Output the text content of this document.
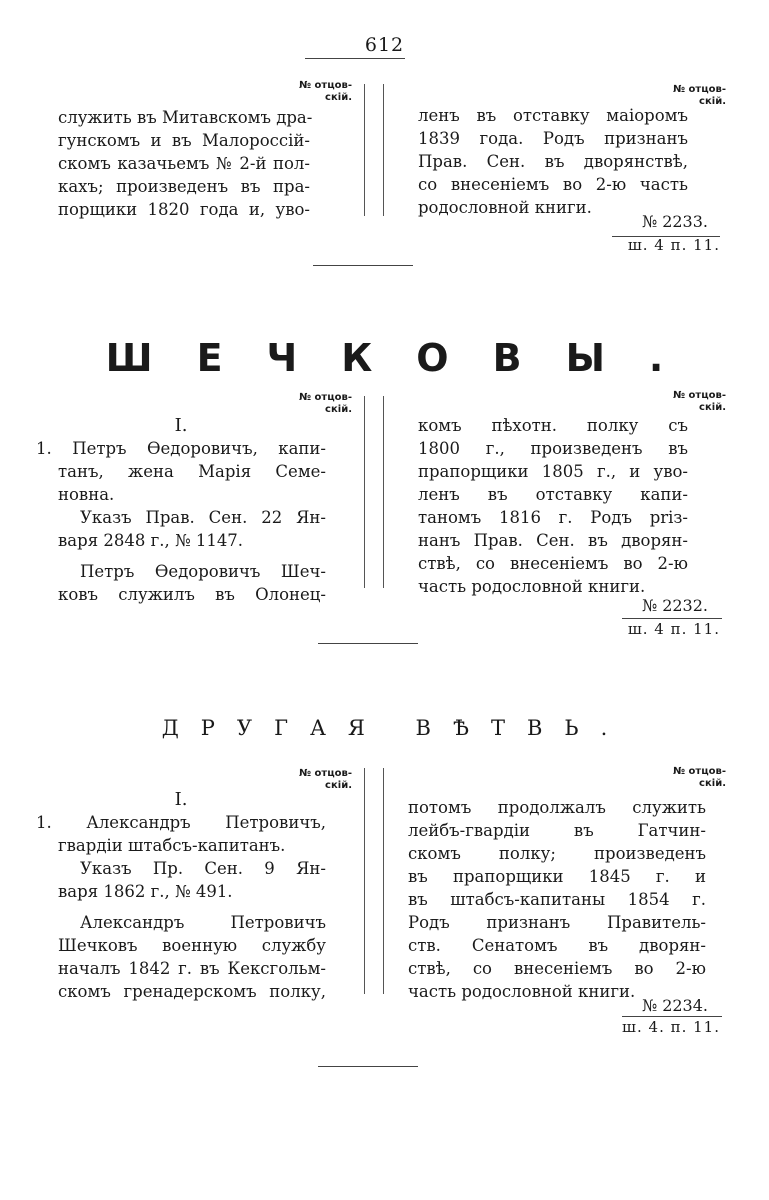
612
№ отцов-
скій.
служить въ Митавскомъ дра-
гунскомъ и въ Малороссій-
скомъ казачьемъ № 2-й пол-
кахъ; произведенъ въ пра-
порщики 1820 года и, уво-
№ отцов-
скій.
ленъ въ отставку маіоромъ
1839 года. Родъ признанъ
Прав. Сен. въ дворянствѣ,
со внесеніемъ во 2-ю часть
родословной книги.
№ 2233.
ш. 4 п. 11.
ШЕЧКОВЫ.
№ отцов-
скій.
I.
1. Петръ Ѳедоровичъ, капи-
танъ, жена Марія Семе-
новна.
Указъ Прав. Сен. 22 Ян-
варя 2848 г., № 1147.
Петръ Ѳедоровичъ Шеч-
ковъ служилъ въ Олонец-
№ отцов-
скій.
комъ пѣхотн. полку съ
1800 г., произведенъ въ
прапорщики 1805 г., и уво-
ленъ въ отставку капи-
таномъ 1816 г. Родъ priз-
нанъ Прав. Сен. въ дворян-
ствѣ, со внесеніемъ во 2-ю
часть родословной книги.
№ 2232.
ш. 4 п. 11.
ДРУГАЯ ВѢТВЬ.
№ отцов-
скій.
I.
1. Александръ Петровичъ,
гвардіи штабсъ-капитанъ.
Указъ Пр. Сен. 9 Ян-
варя 1862 г., № 491.
Александръ Петровичъ
Шечковъ военную службу
началъ 1842 г. въ Кексгольм-
скомъ гренадерскомъ полку,
№ отцов-
скій.
потомъ продолжалъ служить
лейбъ-гвардіи въ Гатчин-
скомъ полку; произведенъ
въ прапорщики 1845 г. и
въ штабсъ-капитаны 1854 г.
Родъ признанъ Правитель-
ств. Сенатомъ въ дворян-
ствѣ, со внесеніемъ во 2-ю
часть родословной книги.
№ 2234.
ш. 4. п. 11.
